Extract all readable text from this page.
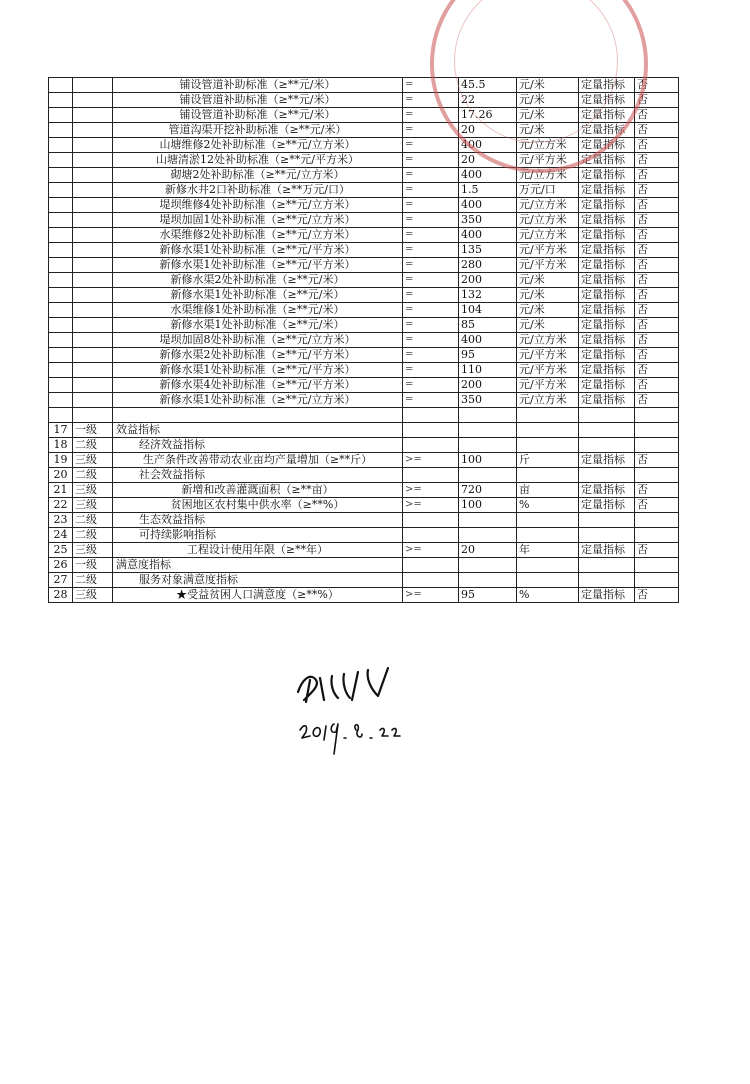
		铺设管道补助标准（≥**元/米）	=	45.5	元/米	定量指标	否
		铺设管道补助标准（≥**元/米）	=	22	元/米	定量指标	否
		铺设管道补助标准（≥**元/米）	=	17.26	元/米	定量指标	否
		管道沟渠开挖补助标准（≥**元/米）	=	20	元/米	定量指标	否
		山塘维修2处补助标准（≥**元/立方米）	=	400	元/立方米	定量指标	否
		山塘清淤12处补助标准（≥**元/平方米）	=	20	元/平方米	定量指标	否
		砌塘2处补助标准（≥**元/立方米）	=	400	元/立方米	定量指标	否
		新修水井2口补助标准（≥**万元/口）	=	1.5	万元/口	定量指标	否
		堤坝维修4处补助标准（≥**元/立方米）	=	400	元/立方米	定量指标	否
		堤坝加固1处补助标准（≥**元/立方米）	=	350	元/立方米	定量指标	否
		水渠维修2处补助标准（≥**元/立方米）	=	400	元/立方米	定量指标	否
		新修水渠1处补助标准（≥**元/平方米）	=	135	元/平方米	定量指标	否
		新修水渠1处补助标准（≥**元/平方米）	=	280	元/平方米	定量指标	否
		新修水渠2处补助标准（≥**元/米）	=	200	元/米	定量指标	否
		新修水渠1处补助标准（≥**元/米）	=	132	元/米	定量指标	否
		水渠维修1处补助标准（≥**元/米）	=	104	元/米	定量指标	否
		新修水渠1处补助标准（≥**元/米）	=	85	元/米	定量指标	否
		堤坝加固8处补助标准（≥**元/立方米）	=	400	元/立方米	定量指标	否
		新修水渠2处补助标准（≥**元/平方米）	=	95	元/平方米	定量指标	否
		新修水渠1处补助标准（≥**元/平方米）	=	110	元/平方米	定量指标	否
		新修水渠4处补助标准（≥**元/平方米）	=	200	元/平方米	定量指标	否
		新修水渠1处补助标准（≥**元/立方米）	=	350	元/立方米	定量指标	否

17	一级	效益指标					
18	二级	经济效益指标					
19	三级	生产条件改善带动农业亩均产量增加（≥**斤）	>=	100	斤	定量指标	否
20	二级	社会效益指标					
21	三级	新增和改善灌溉面积（≥**亩）	>=	720	亩	定量指标	否
22	三级	贫困地区农村集中供水率（≥**%）	>=	100	%	定量指标	否
23	二级	生态效益指标					
24	二级	可持续影响指标					
25	三级	工程设计使用年限（≥**年）	>=	20	年	定量指标	否
26	一级	满意度指标					
27	二级	服务对象满意度指标					
28	三级	★受益贫困人口满意度（≥**%）	>=	95	%	定量指标	否
